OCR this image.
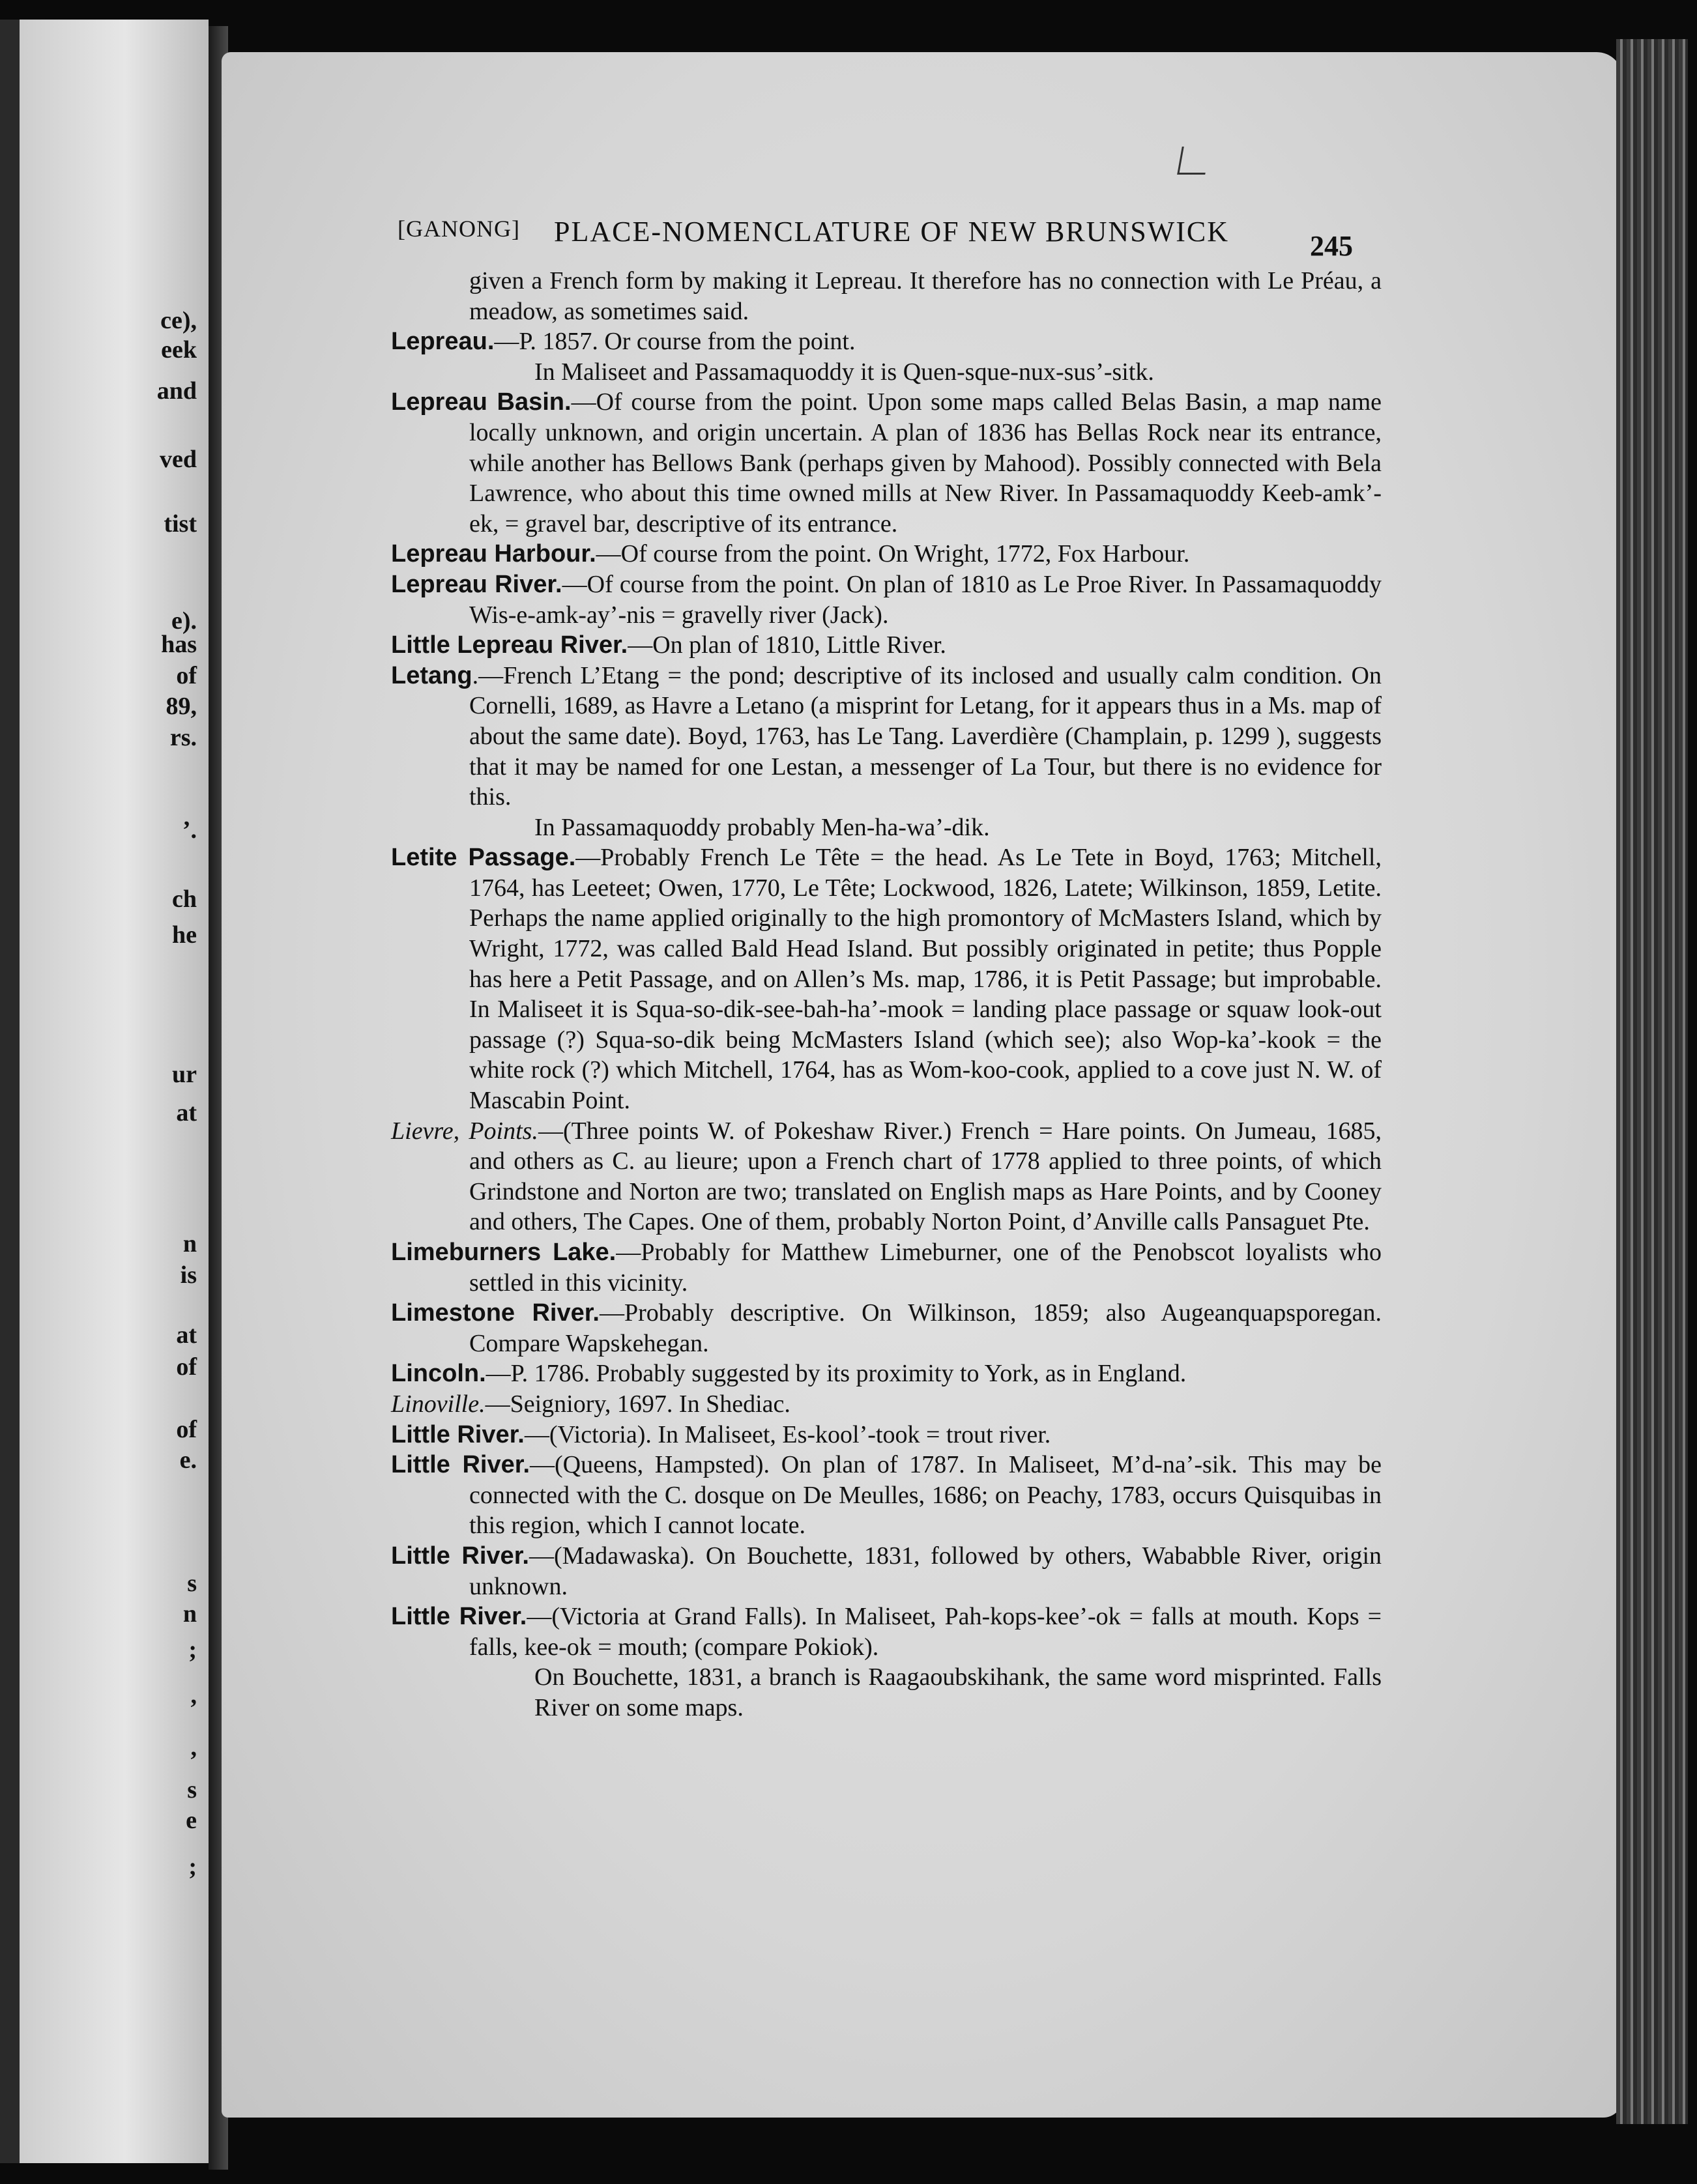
ce),
eek
and
ved
tist
e).
has
of
89,
rs.
’.
ch
he
ur
at
n
is
at
of
of
e.
s
n
;
,
,
s
e
;
[GANONG] PLACE-NOMENCLATURE OF NEW BRUNSWICK	245

given a French form by making it Lepreau. It therefore has no connection with Le Préau, a meadow, as sometimes said.

Lepreau.—P. 1857. Or course from the point.

In Maliseet and Passamaquoddy it is Quen-sque-nux-sus’-sitk.

Lepreau Basin.—Of course from the point. Upon some maps called Belas Basin, a map name locally unknown, and origin uncertain. A plan of 1836 has Bellas Rock near its entrance, while another has Bellows Bank (perhaps given by Mahood). Possibly connected with Bela Lawrence, who about this time owned mills at New River. In Passamaquoddy Keeb-amk’-ek, = gravel bar, descriptive of its entrance.

Lepreau Harbour.—Of course from the point. On Wright, 1772, Fox Harbour.

Lepreau River.—Of course from the point. On plan of 1810 as Le Proe River. In Passamaquoddy Wis-e-amk-ay’-nis = gravelly river (Jack).

Little Lepreau River.—On plan of 1810, Little River.

Letang.—French L’Etang = the pond; descriptive of its inclosed and usually calm condition. On Cornelli, 1689, as Havre a Letano (a misprint for Letang, for it appears thus in a Ms. map of about the same date). Boyd, 1763, has Le Tang. Laverdière (Champlain, p. 1299 ), suggests that it may be named for one Lestan, a messenger of La Tour, but there is no evidence for this.

In Passamaquoddy probably Men-ha-wa’-dik.

Letite Passage.—Probably French Le Tête = the head. As Le Tete in Boyd, 1763; Mitchell, 1764, has Leeteet; Owen, 1770, Le Tête; Lockwood, 1826, Latete; Wilkinson, 1859, Letite. Perhaps the name applied originally to the high promontory of McMasters Island, which by Wright, 1772, was called Bald Head Island. But possibly originated in petite; thus Popple has here a Petit Passage, and on Allen’s Ms. map, 1786, it is Petit Passage; but improbable. In Maliseet it is Squa-so-dik-see-bah-ha’-mook = landing place passage or squaw look-out passage (?) Squa-so-dik being McMasters Island (which see); also Wop-ka’-kook = the white rock (?) which Mitchell, 1764, has as Wom-koo-cook, applied to a cove just N. W. of Mascabin Point.

Lievre, Points.—(Three points W. of Pokeshaw River.) French = Hare points. On Jumeau, 1685, and others as C. au lieure; upon a French chart of 1778 applied to three points, of which Grindstone and Norton are two; translated on English maps as Hare Points, and by Cooney and others, The Capes. One of them, probably Norton Point, d’Anville calls Pansaguet Pte.

Limeburners Lake.—Probably for Matthew Limeburner, one of the Penobscot loyalists who settled in this vicinity.

Limestone River.—Probably descriptive. On Wilkinson, 1859; also Augeanquapsporegan. Compare Wapskehegan.

Lincoln.—P. 1786. Probably suggested by its proximity to York, as in England.

Linoville.—Seigniory, 1697. In Shediac.

Little River.—(Victoria). In Maliseet, Es-kool’-took = trout river.

Little River.—(Queens, Hampsted). On plan of 1787. In Maliseet, M’d-na’-sik. This may be connected with the C. dosque on De Meulles, 1686; on Peachy, 1783, occurs Quisquibas in this region, which I cannot locate.

Little River.—(Madawaska). On Bouchette, 1831, followed by others, Wababble River, origin unknown.

Little River.—(Victoria at Grand Falls). In Maliseet, Pah-kops-kee’-ok = falls at mouth. Kops = falls, kee-ok = mouth; (compare Pokiok).

On Bouchette, 1831, a branch is Raagaoubskihank, the same word misprinted. Falls River on some maps.
